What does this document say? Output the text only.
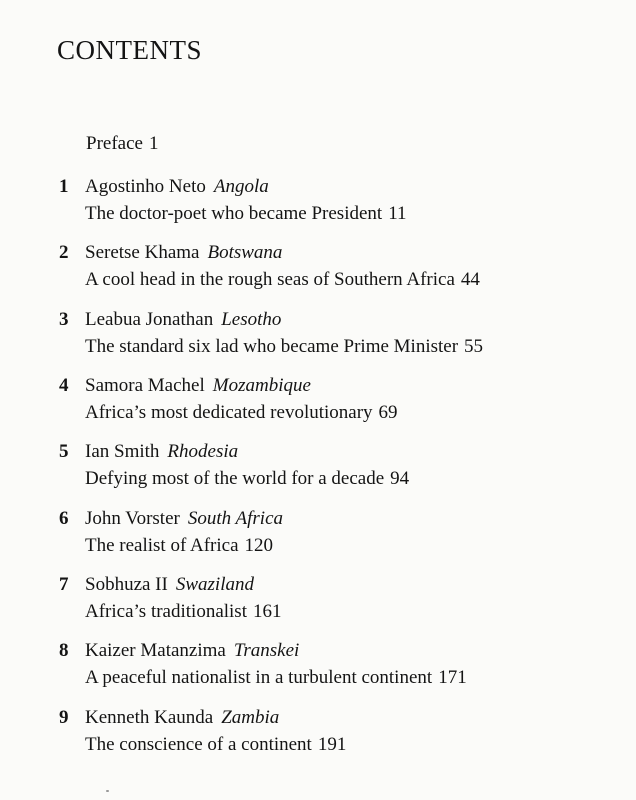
CONTENTS
Preface 1
1 Agostinho Neto Angola
The doctor-poet who became President 11
2 Seretse Khama Botswana
A cool head in the rough seas of Southern Africa 44
3 Leabua Jonathan Lesotho
The standard six lad who became Prime Minister 55
4 Samora Machel Mozambique
Africa’s most dedicated revolutionary 69
5 Ian Smith Rhodesia
Defying most of the world for a decade 94
6 John Vorster South Africa
The realist of Africa 120
7 Sobhuza II Swaziland
Africa’s traditionalist 161
8 Kaizer Matanzima Transkei
A peaceful nationalist in a turbulent continent 171
9 Kenneth Kaunda Zambia
The conscience of a continent 191
